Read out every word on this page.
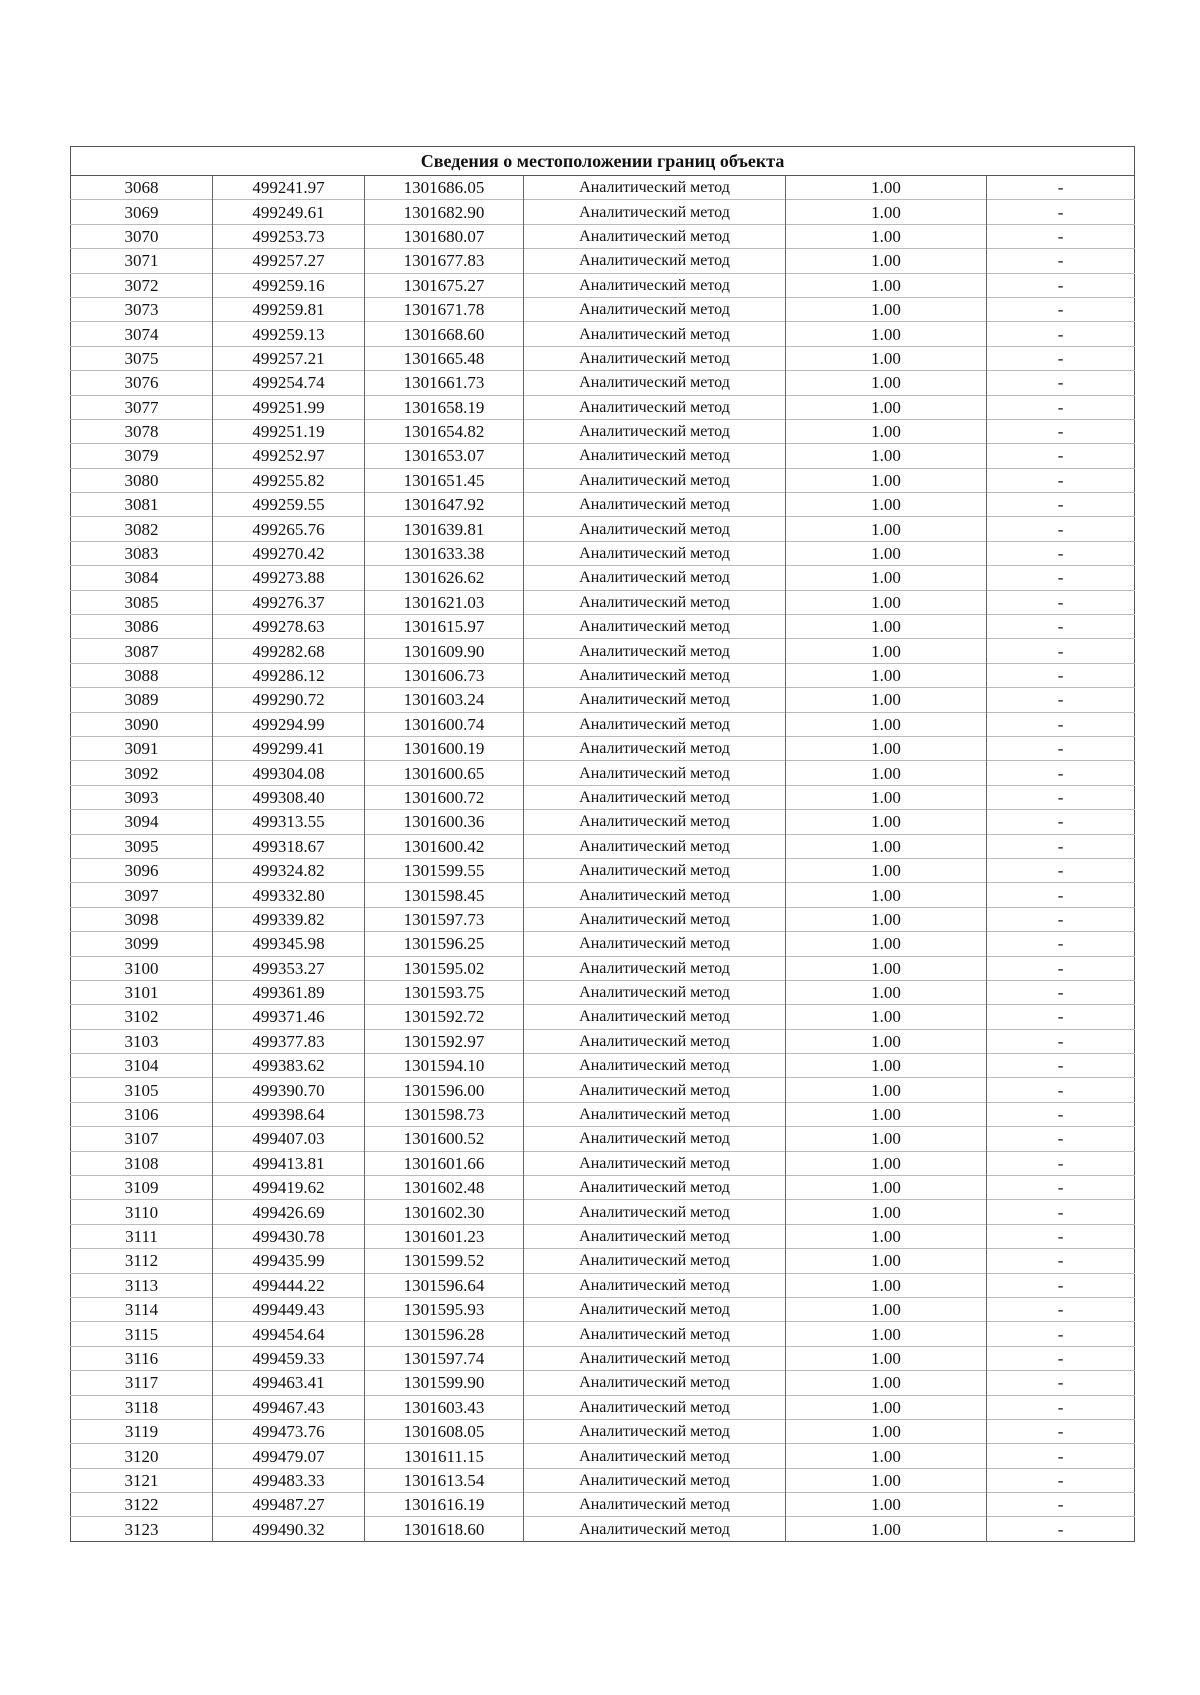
Сведения о местоположении границ объекта					
3068	499241.97	1301686.05	Аналитический метод	1.00	-
3069	499249.61	1301682.90	Аналитический метод	1.00	-
3070	499253.73	1301680.07	Аналитический метод	1.00	-
3071	499257.27	1301677.83	Аналитический метод	1.00	-
3072	499259.16	1301675.27	Аналитический метод	1.00	-
3073	499259.81	1301671.78	Аналитический метод	1.00	-
3074	499259.13	1301668.60	Аналитический метод	1.00	-
3075	499257.21	1301665.48	Аналитический метод	1.00	-
3076	499254.74	1301661.73	Аналитический метод	1.00	-
3077	499251.99	1301658.19	Аналитический метод	1.00	-
3078	499251.19	1301654.82	Аналитический метод	1.00	-
3079	499252.97	1301653.07	Аналитический метод	1.00	-
3080	499255.82	1301651.45	Аналитический метод	1.00	-
3081	499259.55	1301647.92	Аналитический метод	1.00	-
3082	499265.76	1301639.81	Аналитический метод	1.00	-
3083	499270.42	1301633.38	Аналитический метод	1.00	-
3084	499273.88	1301626.62	Аналитический метод	1.00	-
3085	499276.37	1301621.03	Аналитический метод	1.00	-
3086	499278.63	1301615.97	Аналитический метод	1.00	-
3087	499282.68	1301609.90	Аналитический метод	1.00	-
3088	499286.12	1301606.73	Аналитический метод	1.00	-
3089	499290.72	1301603.24	Аналитический метод	1.00	-
3090	499294.99	1301600.74	Аналитический метод	1.00	-
3091	499299.41	1301600.19	Аналитический метод	1.00	-
3092	499304.08	1301600.65	Аналитический метод	1.00	-
3093	499308.40	1301600.72	Аналитический метод	1.00	-
3094	499313.55	1301600.36	Аналитический метод	1.00	-
3095	499318.67	1301600.42	Аналитический метод	1.00	-
3096	499324.82	1301599.55	Аналитический метод	1.00	-
3097	499332.80	1301598.45	Аналитический метод	1.00	-
3098	499339.82	1301597.73	Аналитический метод	1.00	-
3099	499345.98	1301596.25	Аналитический метод	1.00	-
3100	499353.27	1301595.02	Аналитический метод	1.00	-
3101	499361.89	1301593.75	Аналитический метод	1.00	-
3102	499371.46	1301592.72	Аналитический метод	1.00	-
3103	499377.83	1301592.97	Аналитический метод	1.00	-
3104	499383.62	1301594.10	Аналитический метод	1.00	-
3105	499390.70	1301596.00	Аналитический метод	1.00	-
3106	499398.64	1301598.73	Аналитический метод	1.00	-
3107	499407.03	1301600.52	Аналитический метод	1.00	-
3108	499413.81	1301601.66	Аналитический метод	1.00	-
3109	499419.62	1301602.48	Аналитический метод	1.00	-
3110	499426.69	1301602.30	Аналитический метод	1.00	-
3111	499430.78	1301601.23	Аналитический метод	1.00	-
3112	499435.99	1301599.52	Аналитический метод	1.00	-
3113	499444.22	1301596.64	Аналитический метод	1.00	-
3114	499449.43	1301595.93	Аналитический метод	1.00	-
3115	499454.64	1301596.28	Аналитический метод	1.00	-
3116	499459.33	1301597.74	Аналитический метод	1.00	-
3117	499463.41	1301599.90	Аналитический метод	1.00	-
3118	499467.43	1301603.43	Аналитический метод	1.00	-
3119	499473.76	1301608.05	Аналитический метод	1.00	-
3120	499479.07	1301611.15	Аналитический метод	1.00	-
3121	499483.33	1301613.54	Аналитический метод	1.00	-
3122	499487.27	1301616.19	Аналитический метод	1.00	-
3123	499490.32	1301618.60	Аналитический метод	1.00	-
